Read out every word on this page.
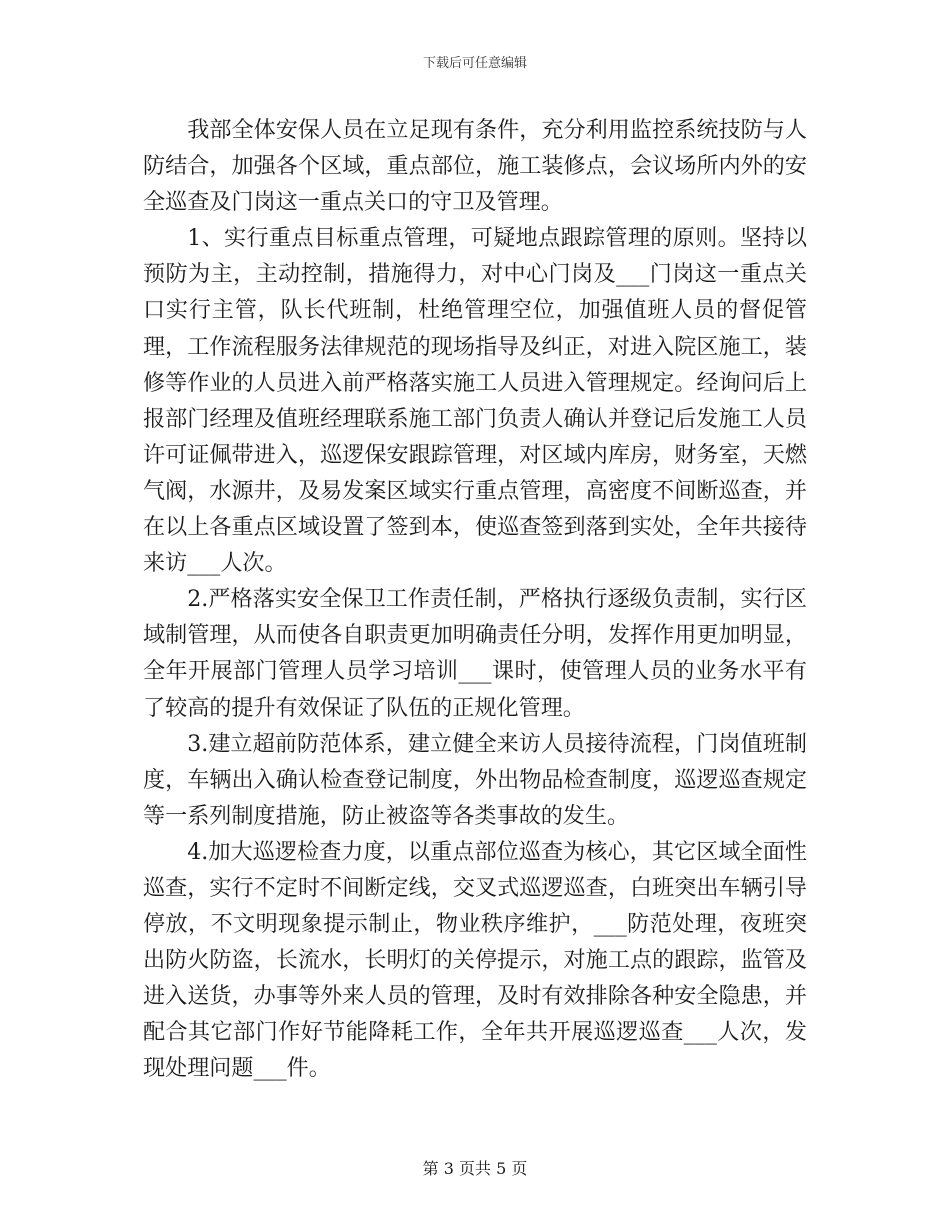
下载后可任意编辑

我部全体安保人员在立足现有条件，充分利用监控系统技防与人防结合，加强各个区域，重点部位，施工装修点，会议场所内外的安全巡查及门岗这一重点关口的守卫及管理。

1、实行重点目标重点管理，可疑地点跟踪管理的原则。坚持以预防为主，主动控制，措施得力，对中心门岗及___门岗这一重点关口实行主管，队长代班制，杜绝管理空位，加强值班人员的督促管理，工作流程服务法律规范的现场指导及纠正，对进入院区施工，装修等作业的人员进入前严格落实施工人员进入管理规定。经询问后上报部门经理及值班经理联系施工部门负责人确认并登记后发施工人员许可证佩带进入，巡逻保安跟踪管理，对区域内库房，财务室，天燃气阀，水源井，及易发案区域实行重点管理，高密度不间断巡查，并在以上各重点区域设置了签到本，使巡查签到落到实处，全年共接待来访___人次。

2.严格落实安全保卫工作责任制，严格执行逐级负责制，实行区域制管理，从而使各自职责更加明确责任分明，发挥作用更加明显，全年开展部门管理人员学习培训___课时，使管理人员的业务水平有了较高的提升有效保证了队伍的正规化管理。

3.建立超前防范体系，建立健全来访人员接待流程，门岗值班制度，车辆出入确认检查登记制度，外出物品检查制度，巡逻巡查规定等一系列制度措施，防止被盗等各类事故的发生。

4.加大巡逻检查力度，以重点部位巡查为核心，其它区域全面性巡查，实行不定时不间断定线，交叉式巡逻巡查，白班突出车辆引导停放，不文明现象提示制止，物业秩序维护，___防范处理，夜班突出防火防盗，长流水，长明灯的关停提示，对施工点的跟踪，监管及进入送货，办事等外来人员的管理，及时有效排除各种安全隐患，并配合其它部门作好节能降耗工作，全年共开展巡逻巡查___人次，发现处理问题___件。

第 3 页共 5 页
